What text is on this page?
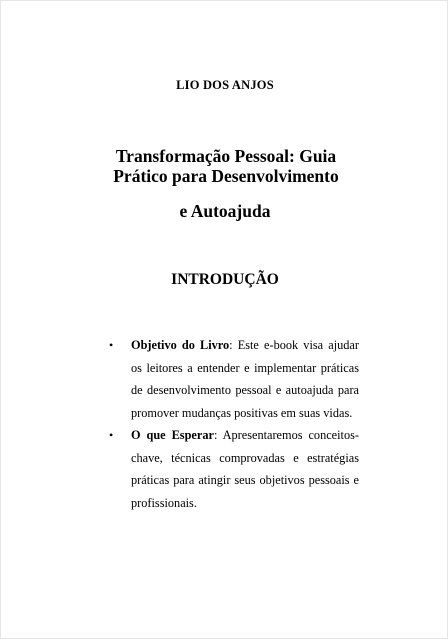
LIO DOS ANJOS
Transformação Pessoal: Guia
Prático para Desenvolvimento
e Autoajuda
INTRODUÇÃO
• Objetivo do Livro: Este e-book visa ajudar os leitores a entender e implementar práticas de desenvolvimento pessoal e autoajuda para promover mudanças positivas em suas vidas.
• O que Esperar: Apresentaremos conceitos-chave, técnicas comprovadas e estratégias práticas para atingir seus objetivos pessoais e profissionais.
